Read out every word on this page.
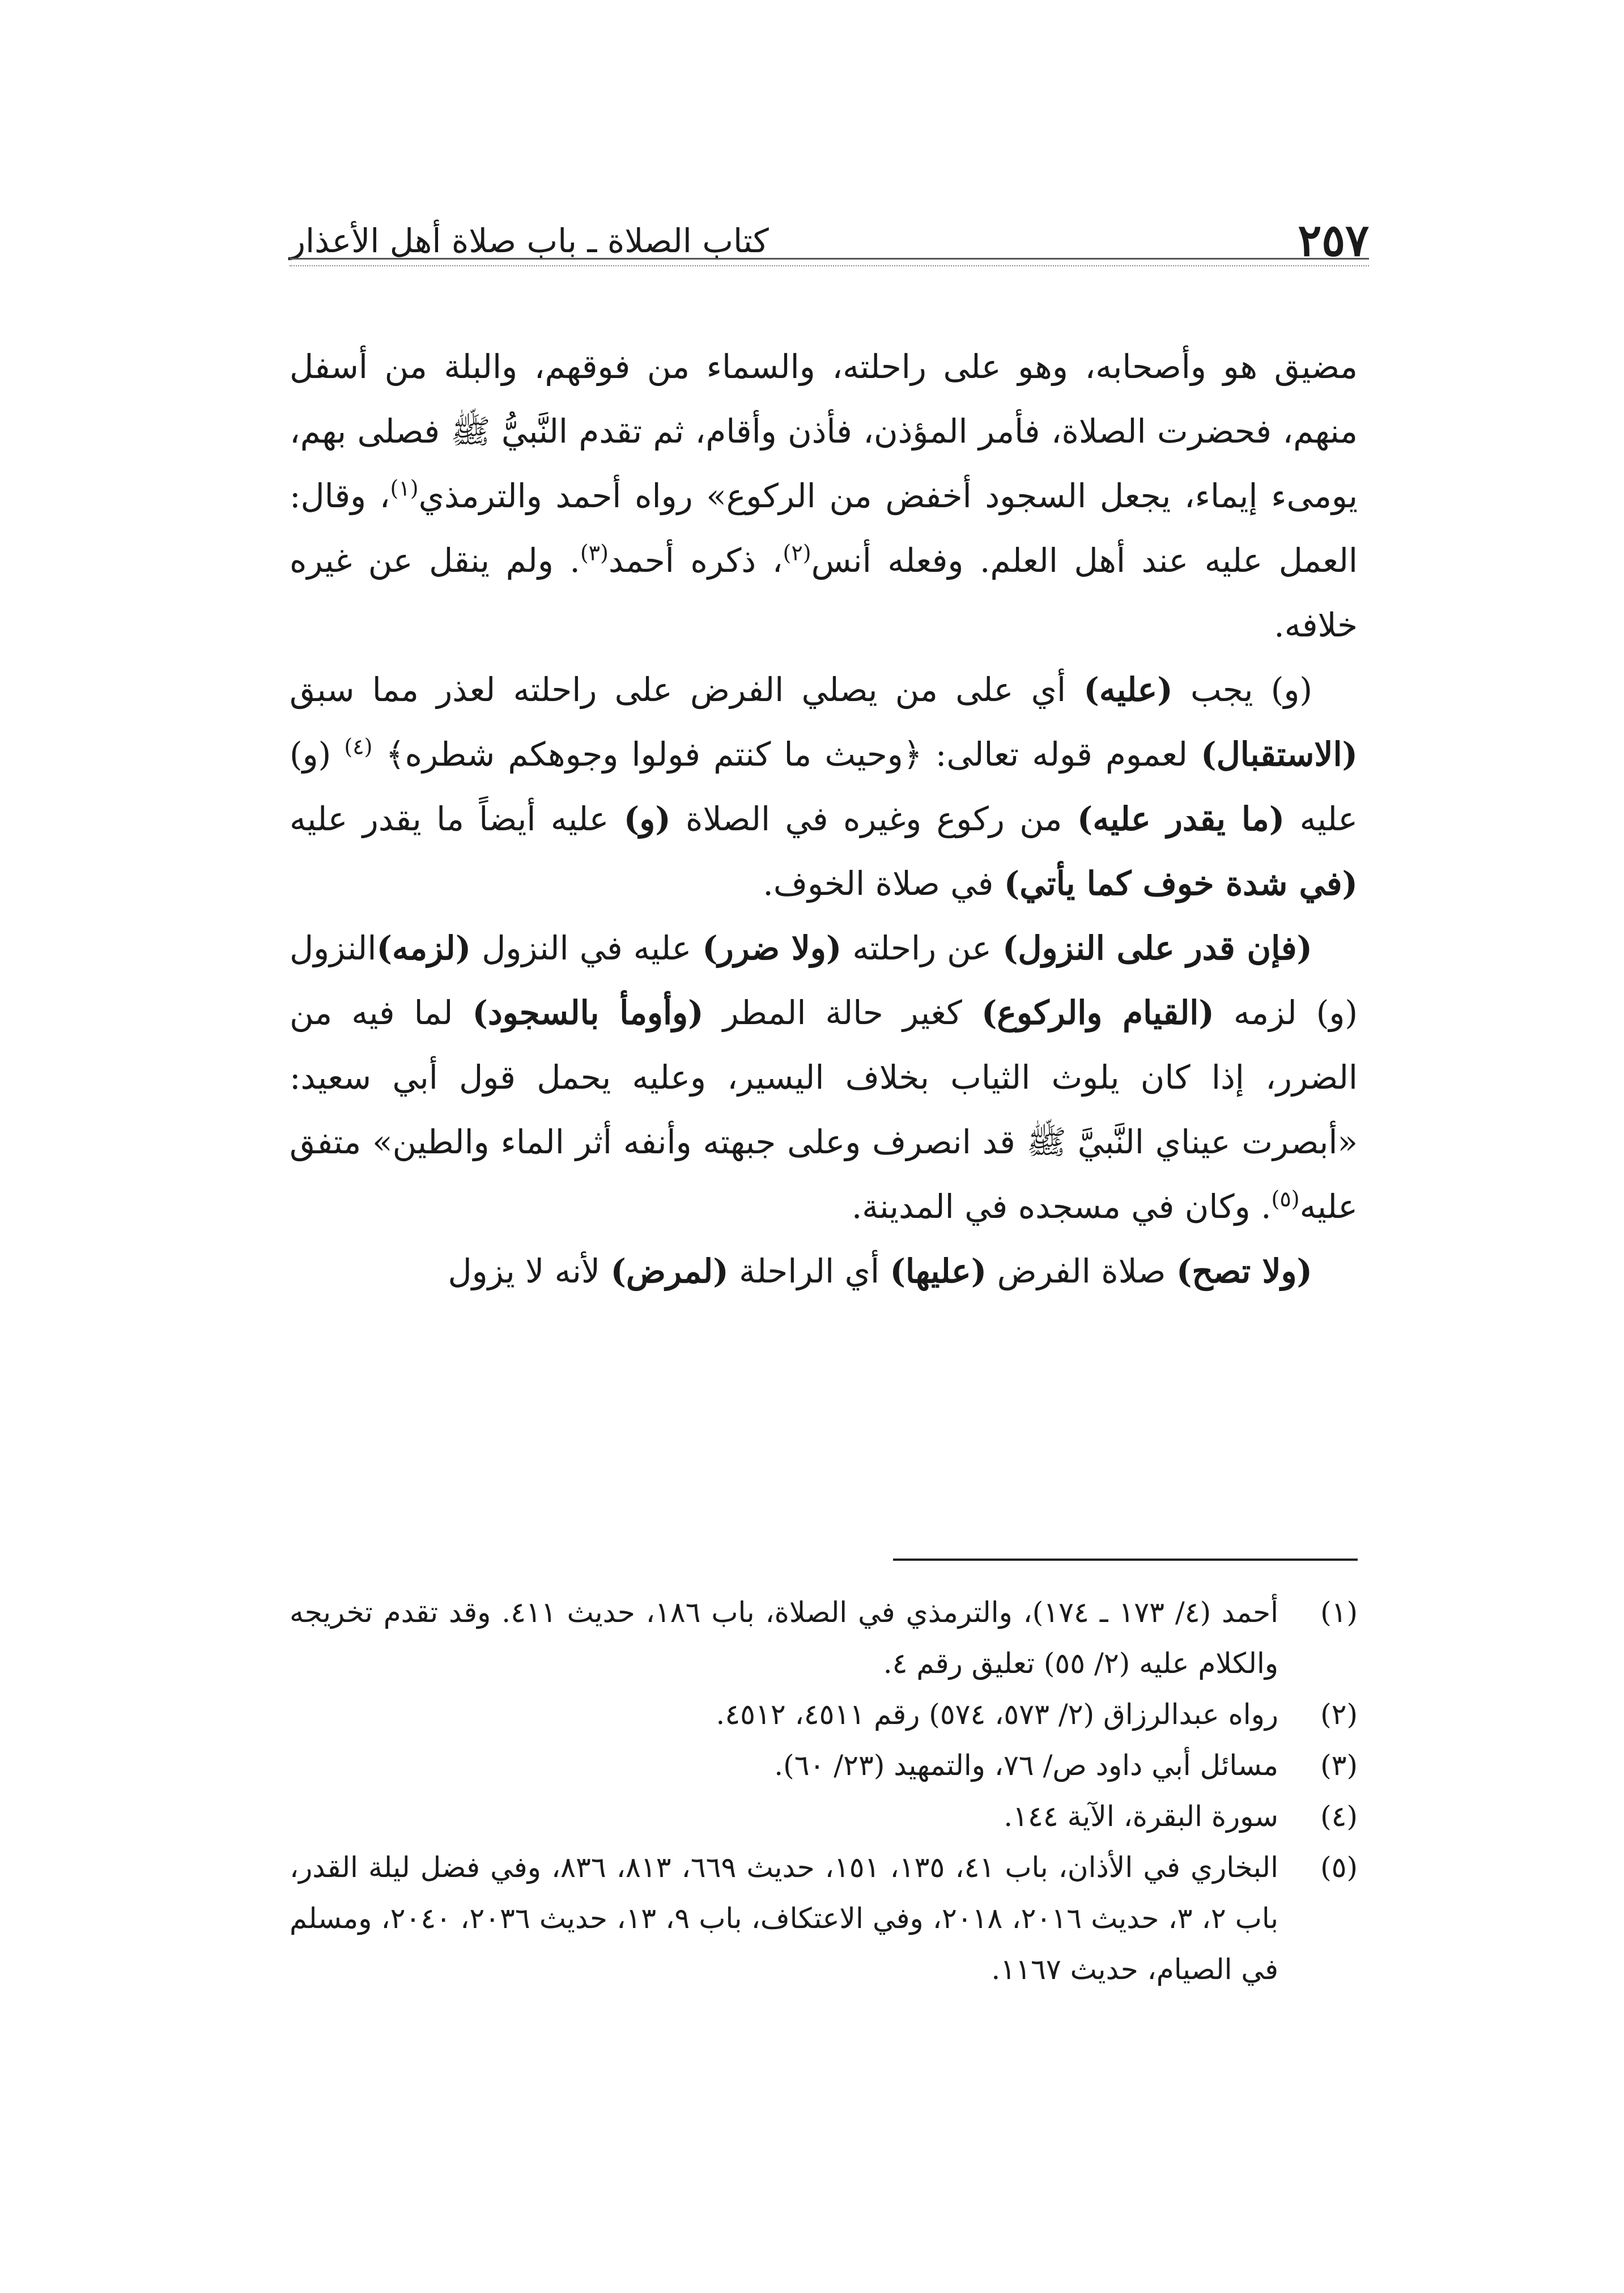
٢٥٧
كتاب الصلاة ـ باب صلاة أهل الأعذار

مضيق هو وأصحابه، وهو على راحلته، والسماء من فوقهم، والبلة من أسفل منهم، فحضرت الصلاة، فأمر المؤذن، فأذن وأقام، ثم تقدم النَّبيُّ ﷺ فصلى بهم، يومىء إيماء، يجعل السجود أخفض من الركوع» رواه أحمد والترمذي$^{(١)}$، وقال: العمل عليه عند أهل العلم. وفعله أنس$^{(٢)}$، ذكره أحمد$^{(٣)}$. ولم ينقل عن غيره خلافه.

(و) يجب (عليه) أي على من يصلي الفرض على راحلته لعذر مما سبق (الاستقبال) لعموم قوله تعالى: ﴿وحيث ما كنتم فولوا وجوهكم شطره﴾ $^{(٤)}$ (و) عليه (ما يقدر عليه) من ركوع وغيره في الصلاة (و) عليه أيضاً ما يقدر عليه (في شدة خوف كما يأتي) في صلاة الخوف.

(فإن قدر على النزول) عن راحلته (ولا ضرر) عليه في النزول (لزمه)النزول (و) لزمه (القيام والركوع) كغير حالة المطر (وأومأ بالسجود) لما فيه من الضرر، إذا كان يلوث الثياب بخلاف اليسير، وعليه يحمل قول أبي سعيد: «أبصرت عيناي النَّبيَّ ﷺ قد انصرف وعلى جبهته وأنفه أثر الماء والطين» متفق عليه$^{(٥)}$. وكان في مسجده في المدينة.

(ولا تصح) صلاة الفرض (عليها) أي الراحلة (لمرض) لأنه لا يزول

(١)
أحمد (٤/ ١٧٣ ـ ١٧٤)، والترمذي في الصلاة، باب ١٨٦، حديث ٤١١. وقد تقدم تخريجه والكلام عليه (٢/ ٥٥) تعليق رقم ٤.
(٢)
رواه عبدالرزاق (٢/ ٥٧٣، ٥٧٤) رقم ٤٥١١، ٤٥١٢.
(٣)
مسائل أبي داود ص/ ٧٦، والتمهيد (٢٣/ ٦٠).
(٤)
سورة البقرة، الآية ١٤٤.
(٥)
البخاري في الأذان، باب ٤١، ١٣٥، ١٥١، حديث ٦٦٩، ٨١٣، ٨٣٦، وفي فضل ليلة القدر، باب ٢، ٣، حديث ٢٠١٦، ٢٠١٨، وفي الاعتكاف، باب ٩، ١٣، حديث ٢٠٣٦، ٢٠٤٠، ومسلم في الصيام، حديث ١١٦٧.
